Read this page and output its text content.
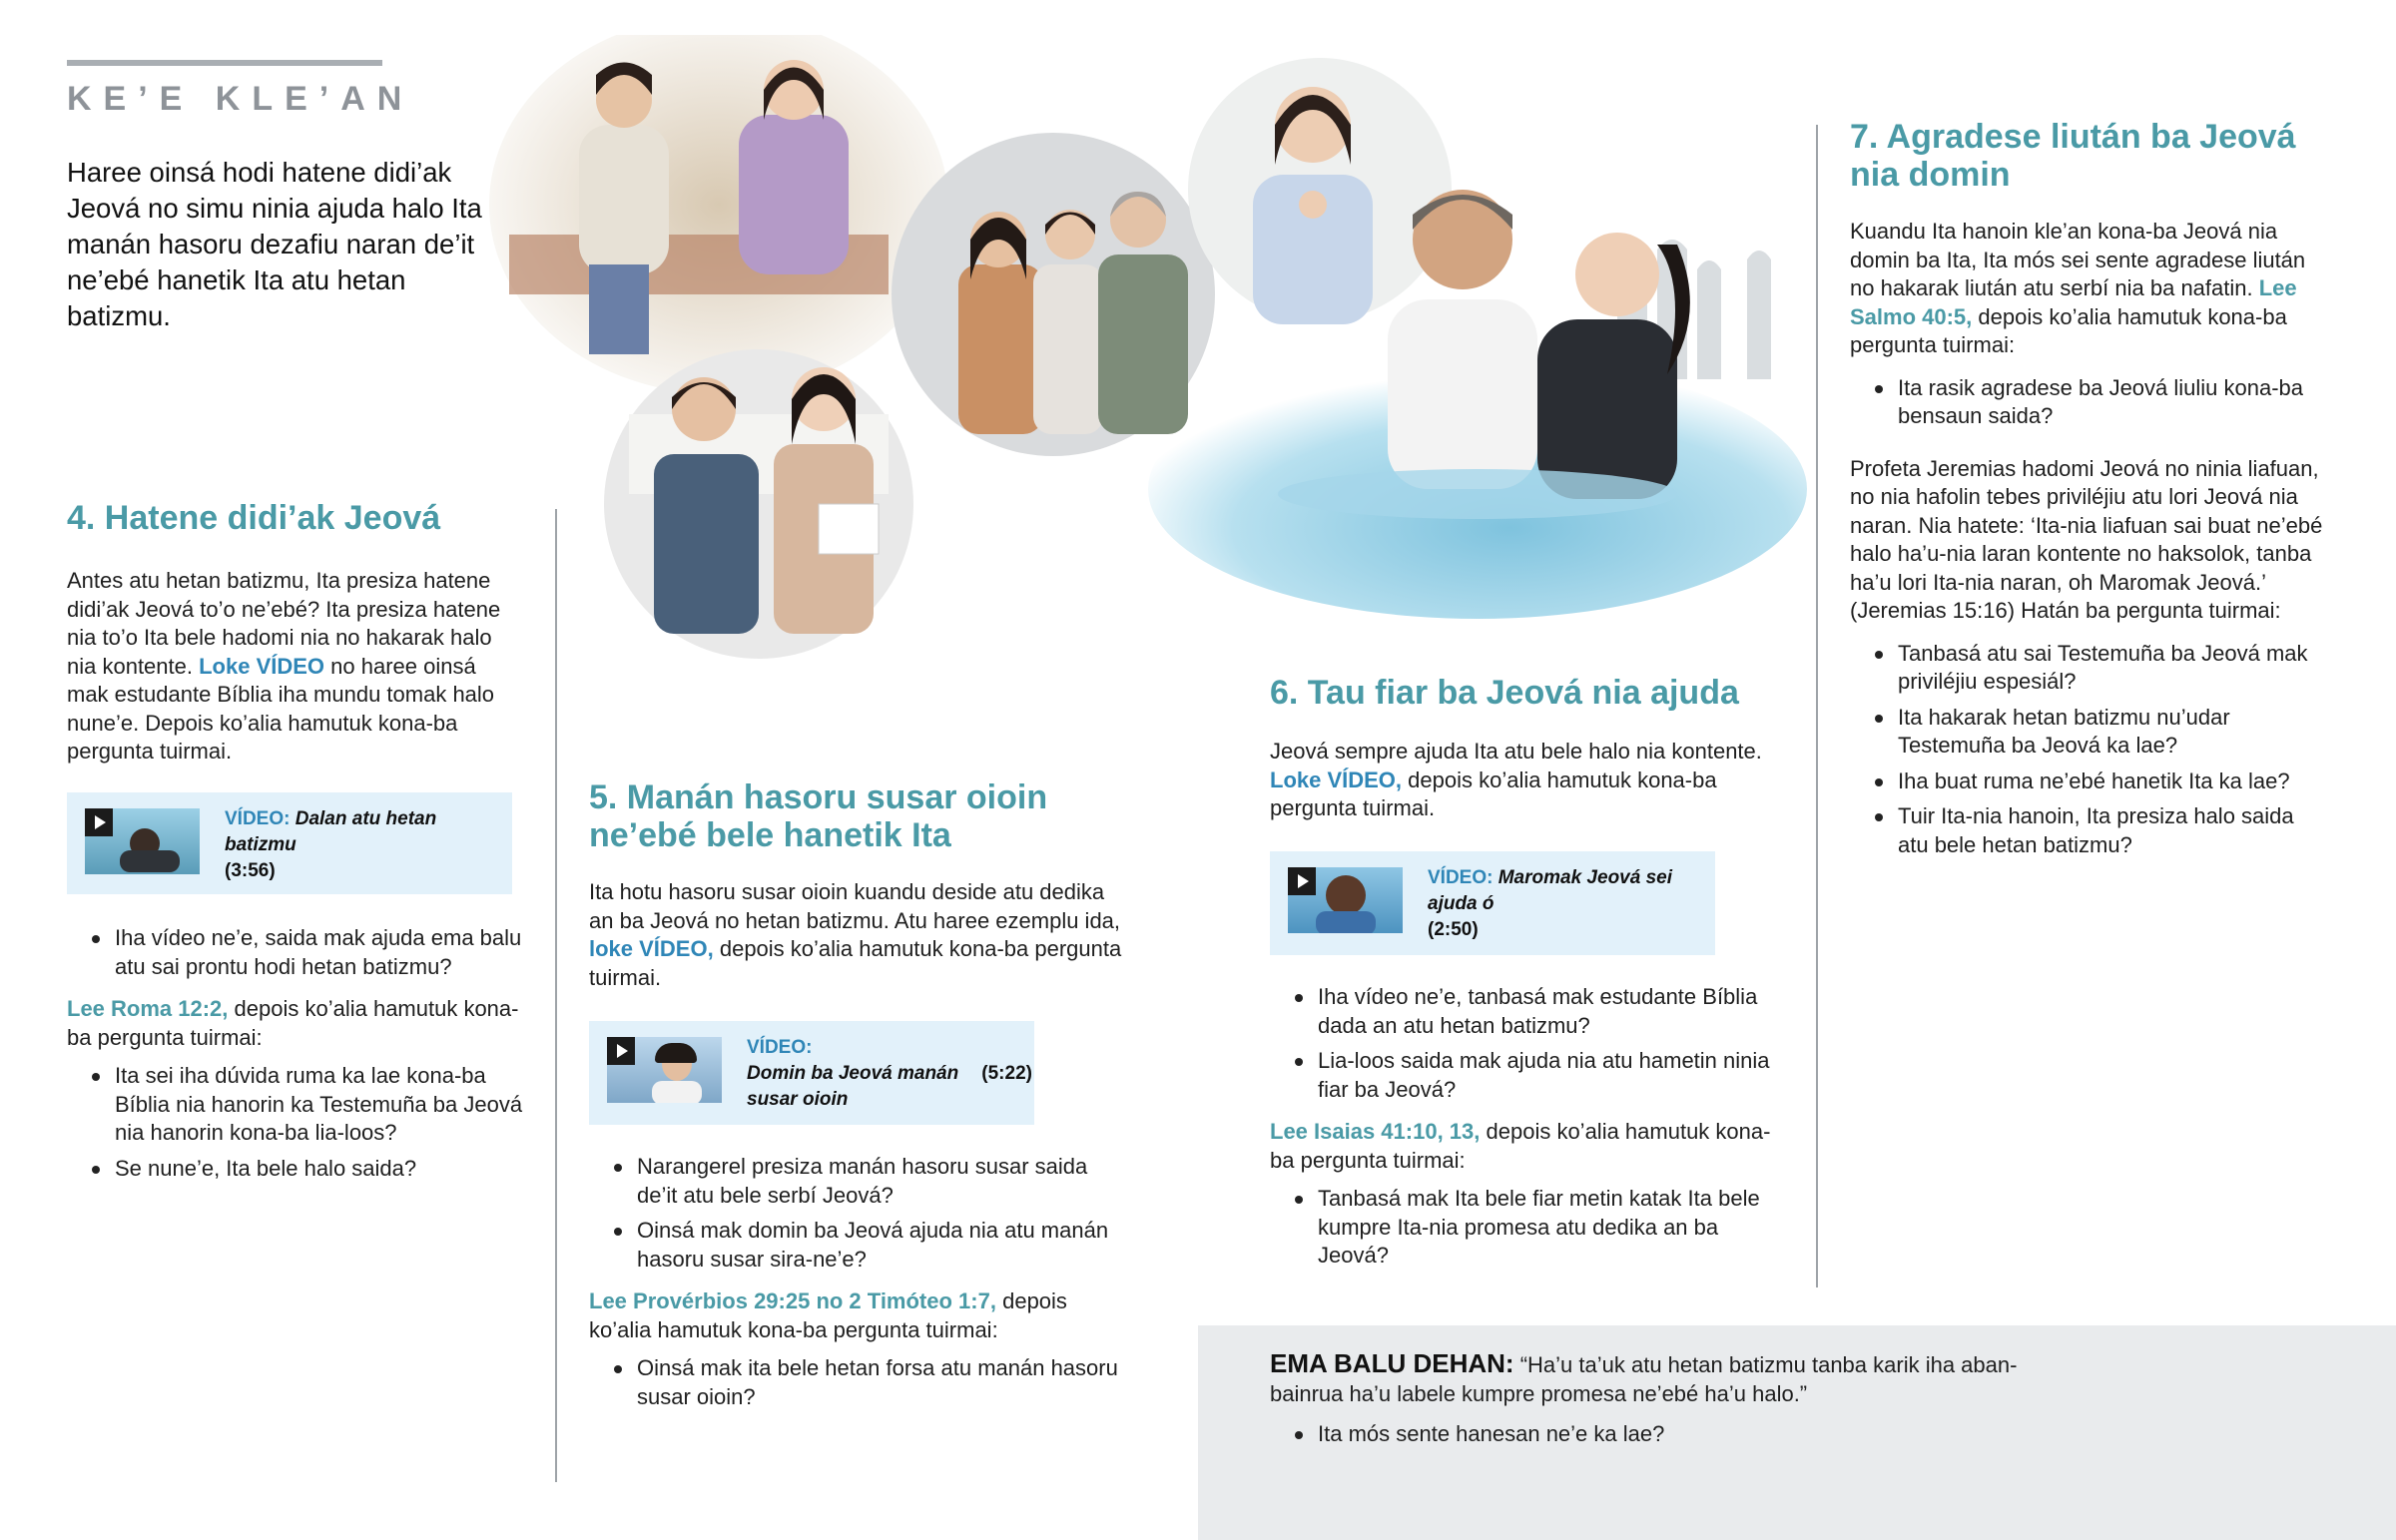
KE’E KLE’AN
Haree oinsá hodi hatene didi’ak Jeová no simu ninia ajuda halo Ita manán hasoru dezafiu naran de’it ne’ebé hanetik Ita atu hetan batizmu.
4. Hatene didi’ak Jeová

Antes atu hetan batizmu, Ita presiza hatene didi’ak Jeová to’o ne’ebé? Ita presiza hatene nia to’o Ita bele hadomi nia no hakarak halo nia kontente. Loke VÍDEO no haree oinsá mak estudante Bíblia iha mundu tomak halo nune’e. Depois ko’alia hamutuk kona-ba pergunta tuirmai.

VÍDEO: Dalan atu hetan batizmu
(3:56)
Iha vídeo ne’e, saida mak ajuda ema balu atu sai prontu hodi hetan batizmu?

Lee Roma 12:2, depois ko’alia hamutuk kona-ba pergunta tuirmai:

Ita sei iha dúvida ruma ka lae kona-ba Bíblia nia hanorin ka Testemuña ba Jeová nia hanorin kona-ba lia-loos?
Se nune’e, Ita bele halo saida?
5. Manán hasoru susar oioin ne’ebé bele hanetik Ita

Ita hotu hasoru susar oioin kuandu deside atu dedika an ba Jeová no hetan batizmu. Atu haree ezemplu ida, loke VÍDEO, depois ko’alia hamutuk kona-ba pergunta tuirmai.

VÍDEO: Domin ba Jeová manán susar oioin (5:22)
Narangerel presiza manán hasoru susar saida de’it atu bele serbí Jeová?
Oinsá mak domin ba Jeová ajuda nia atu manán hasoru susar sira-ne’e?

Lee Provérbios 29:25 no 2 Timóteo 1:7, depois ko’alia hamutuk kona-ba pergunta tuirmai:

Oinsá mak ita bele hetan forsa atu manán hasoru susar oioin?
6. Tau fiar ba Jeová nia ajuda

Jeová sempre ajuda Ita atu bele halo nia kontente. Loke VÍDEO, depois ko’alia hamutuk kona-ba pergunta tuirmai.

VÍDEO: Maromak Jeová sei ajuda ó
(2:50)
Iha vídeo ne’e, tanbasá mak estudante Bíblia dada an atu hetan batizmu?
Lia-loos saida mak ajuda nia atu hametin ninia fiar ba Jeová?

Lee Isaias 41:10, 13, depois ko’alia hamutuk kona-ba pergunta tuirmai:

Tanbasá mak Ita bele fiar metin katak Ita bele kumpre Ita-nia promesa atu dedika an ba Jeová?
7. Agradese liután ba Jeová nia domin

Kuandu Ita hanoin kle’an kona-ba Jeová nia domin ba Ita, Ita mós sei sente agradese liután no hakarak liután atu serbí nia ba nafatin. Lee Salmo 40:5, depois ko’alia hamutuk kona-ba pergunta tuirmai:

Ita rasik agradese ba Jeová liuliu kona-ba bensaun saida?

Profeta Jeremias hadomi Jeová no ninia liafuan, no nia hafolin tebes priviléjiu atu lori Jeová nia naran. Nia hatete: ‘Ita-nia liafuan sai buat ne’ebé halo ha’u-nia laran kontente no haksolok, tanba ha’u lori Ita-nia naran, oh Maromak Jeová.’ (Jeremias 15:16) Hatán ba pergunta tuirmai:

Tanbasá atu sai Testemuña ba Jeová mak priviléjiu espesiál?
Ita hakarak hetan batizmu nu’udar Testemuña ba Jeová ka lae?
Iha buat ruma ne’ebé hanetik Ita ka lae?
Tuir Ita-nia hanoin, Ita presiza halo saida atu bele hetan batizmu?

EMA BALU DEHAN: “Ha’u ta’uk atu hetan batizmu tanba karik iha aban-bainrua ha’u labele kumpre promesa ne’ebé ha’u halo.”

Ita mós sente hanesan ne’e ka lae?
